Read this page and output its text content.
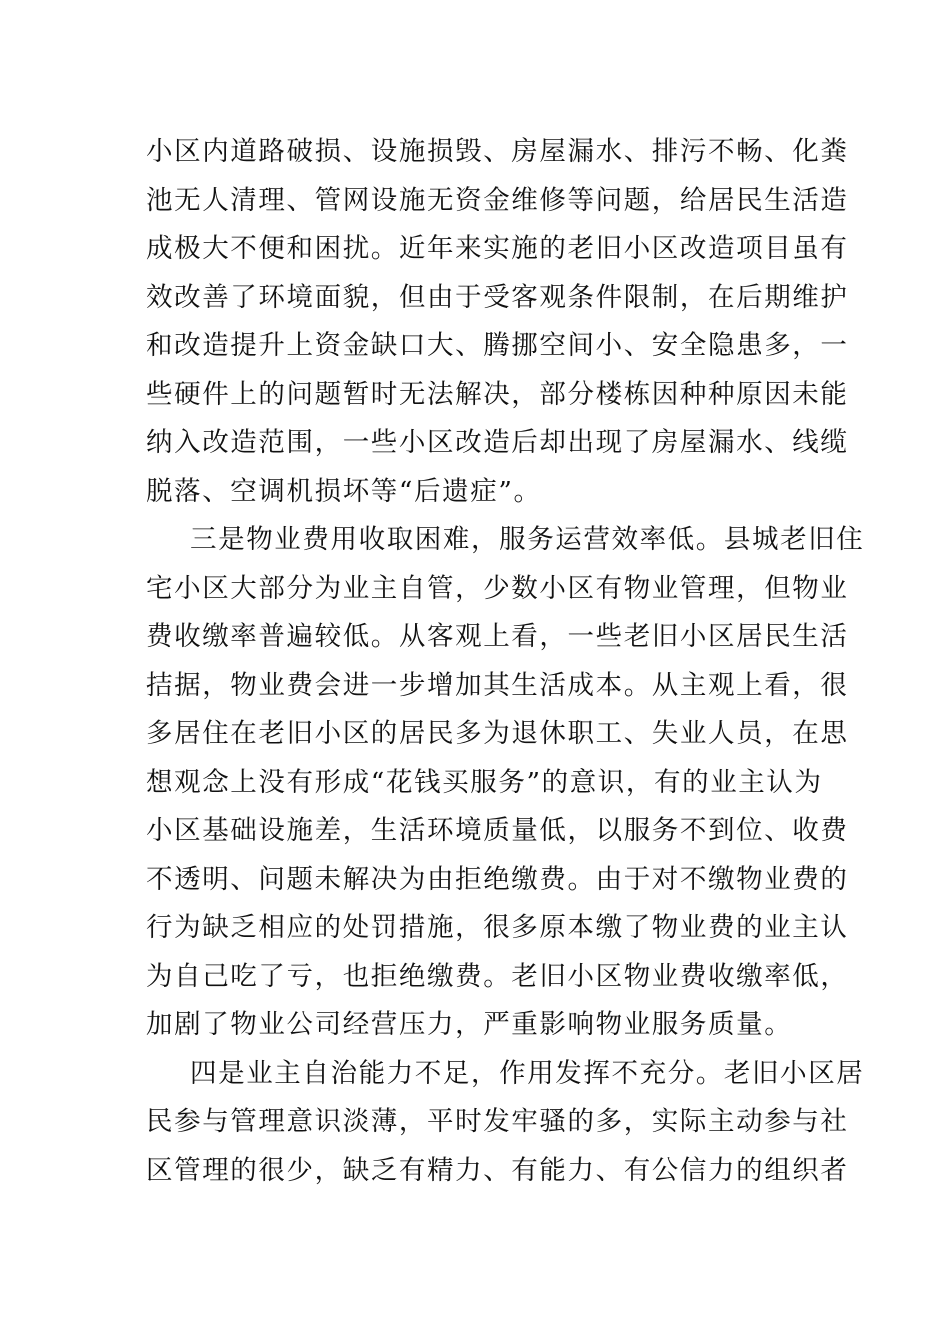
小区内道路破损、设施损毁、房屋漏水、排污不畅、化粪
池无人清理、管网设施无资金维修等问题，给居民生活造
成极大不便和困扰。近年来实施的老旧小区改造项目虽有
效改善了环境面貌，但由于受客观条件限制，在后期维护
和改造提升上资金缺口大、腾挪空间小、安全隐患多，一
些硬件上的问题暂时无法解决，部分楼栋因种种原因未能
纳入改造范围，一些小区改造后却出现了房屋漏水、线缆
脱落、空调机损坏等“后遗症”。
三是物业费用收取困难，服务运营效率低。县城老旧住
宅小区大部分为业主自管，少数小区有物业管理，但物业
费收缴率普遍较低。从客观上看，一些老旧小区居民生活
拮据，物业费会进一步增加其生活成本。从主观上看，很
多居住在老旧小区的居民多为退休职工、失业人员，在思
想观念上没有形成“花钱买服务”的意识，有的业主认为
小区基础设施差，生活环境质量低，以服务不到位、收费
不透明、问题未解决为由拒绝缴费。由于对不缴物业费的
行为缺乏相应的处罚措施，很多原本缴了物业费的业主认
为自己吃了亏，也拒绝缴费。老旧小区物业费收缴率低，
加剧了物业公司经营压力，严重影响物业服务质量。
四是业主自治能力不足，作用发挥不充分。老旧小区居
民参与管理意识淡薄，平时发牢骚的多，实际主动参与社
区管理的很少，缺乏有精力、有能力、有公信力的组织者
